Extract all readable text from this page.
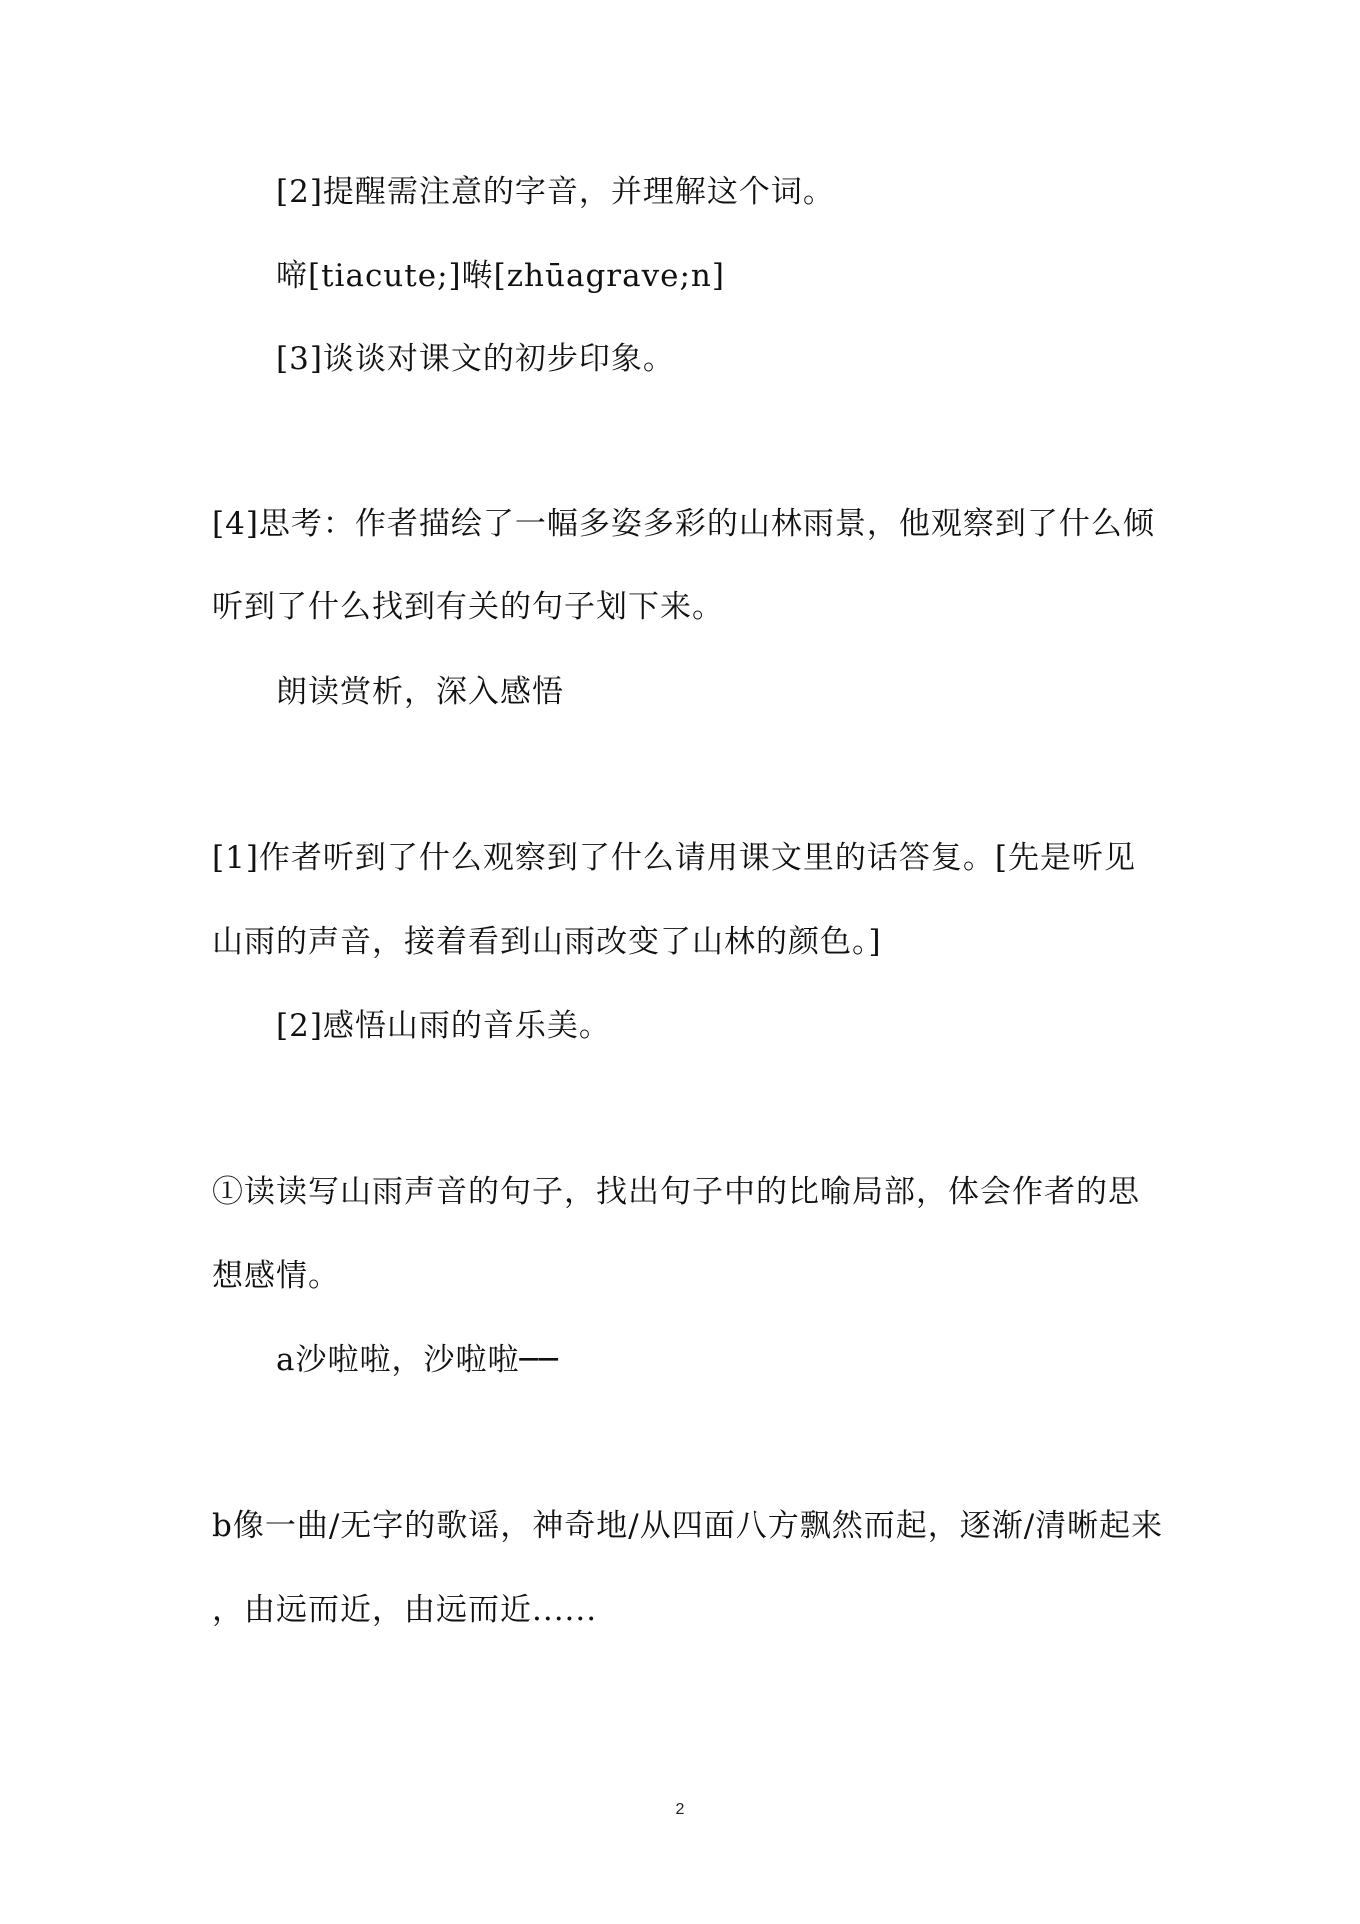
[2]提醒需注意的字音，并理解这个词。
啼[tiacute;]啭[zhūagrave;n]
[3]谈谈对课文的初步印象。
[4]思考：作者描绘了一幅多姿多彩的山林雨景，他观察到了什么倾
听到了什么找到有关的句子划下来。
朗读赏析，深入感悟
[1]作者听到了什么观察到了什么请用课文里的话答复。[先是听见
山雨的声音，接着看到山雨改变了山林的颜色。]
[2]感悟山雨的音乐美。
①读读写山雨声音的句子，找出句子中的比喻局部，体会作者的思
想感情。
a沙啦啦，沙啦啦──
b像一曲/无字的歌谣，神奇地/从四面八方飘然而起，逐渐/清晰起来
，由远而近，由远而近......
2
